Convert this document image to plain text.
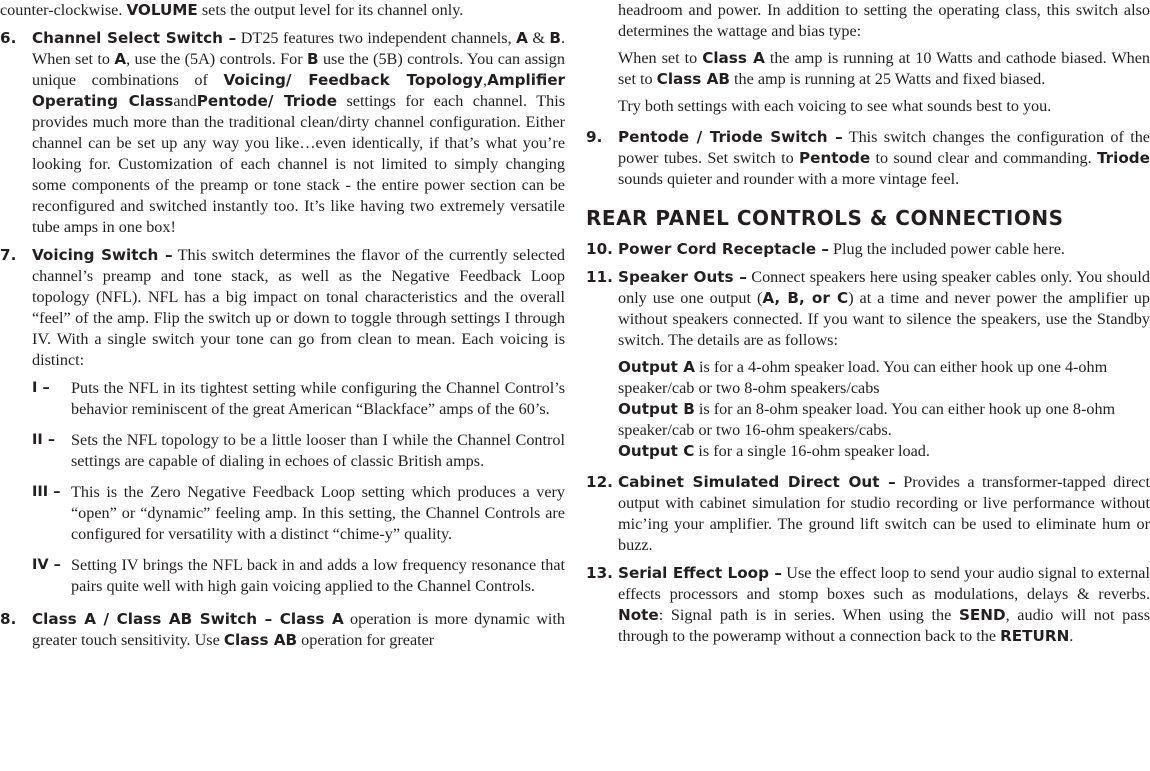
counter-clockwise. VOLUME sets the output level for its channel only.

6. Channel Select Switch – DT25 features two independent channels, A & B. When set to A, use the (5A) controls. For B use the (5B) controls. You can assign unique combinations of Voicing/ Feedback Topology,Amplifier Operating ClassandPentode/ Triode settings for each channel. This provides much more than the traditional clean/dirty channel configuration. Either channel can be set up any way you like…even identically, if that’s what you’re looking for. Customization of each channel is not limited to simply changing some components of the preamp or tone stack - the entire power section can be reconfigured and switched instantly too. It’s like having two extremely versatile tube amps in one box!

7. Voicing Switch – This switch determines the flavor of the currently selected channel’s preamp and tone stack, as well as the Negative Feedback Loop topology (NFL). NFL has a big impact on tonal characteristics and the overall “feel” of the amp. Flip the switch up or down to toggle through settings I through IV. With a single switch your tone can go from clean to mean. Each voicing is distinct:

I – Puts the NFL in its tightest setting while configuring the Channel Control’s behavior reminiscent of the great American “Blackface” amps of the 60’s.

II – Sets the NFL topology to be a little looser than I while the Channel Control settings are capable of dialing in echoes of classic British amps.

III – This is the Zero Negative Feedback Loop setting which produces a very “open” or “dynamic” feeling amp. In this setting, the Channel Controls are configured for versatility with a distinct “chime-y” quality.

IV – Setting IV brings the NFL back in and adds a low frequency resonance that pairs quite well with high gain voicing applied to the Channel Controls.

8. Class A / Class AB Switch – Class A operation is more dynamic with greater touch sensitivity. Use Class AB operation for greater

headroom and power. In addition to setting the operating class, this switch also determines the wattage and bias type:

When set to Class A the amp is running at 10 Watts and cathode biased. When set to Class AB the amp is running at 25 Watts and fixed biased.

Try both settings with each voicing to see what sounds best to you.

9. Pentode / Triode Switch – This switch changes the configuration of the power tubes. Set switch to Pentode to sound clear and commanding. Triode sounds quieter and rounder with a more vintage feel.

REAR PANEL CONTROLS & CONNECTIONS
10. Power Cord Receptacle – Plug the included power cable here.

11. Speaker Outs – Connect speakers here using speaker cables only. You should only use one output (A, B, or C) at a time and never power the amplifier up without speakers connected. If you want to silence the speakers, use the Standby switch. The details are as follows:

Output A is for a 4-ohm speaker load. You can either hook up one 4-ohm speaker/cab or two 8-ohm speakers/cabs

Output B is for an 8-ohm speaker load. You can either hook up one 8-ohm speaker/cab or two 16-ohm speakers/cabs.

Output C is for a single 16-ohm speaker load.

12. Cabinet Simulated Direct Out – Provides a transformer-tapped direct output with cabinet simulation for studio recording or live performance without mic’ing your amplifier. The ground lift switch can be used to eliminate hum or buzz.

13. Serial Effect Loop – Use the effect loop to send your audio signal to external effects processors and stomp boxes such as modulations, delays & reverbs. Note: Signal path is in series. When using the SEND, audio will not pass through to the poweramp without a connection back to the RETURN.
